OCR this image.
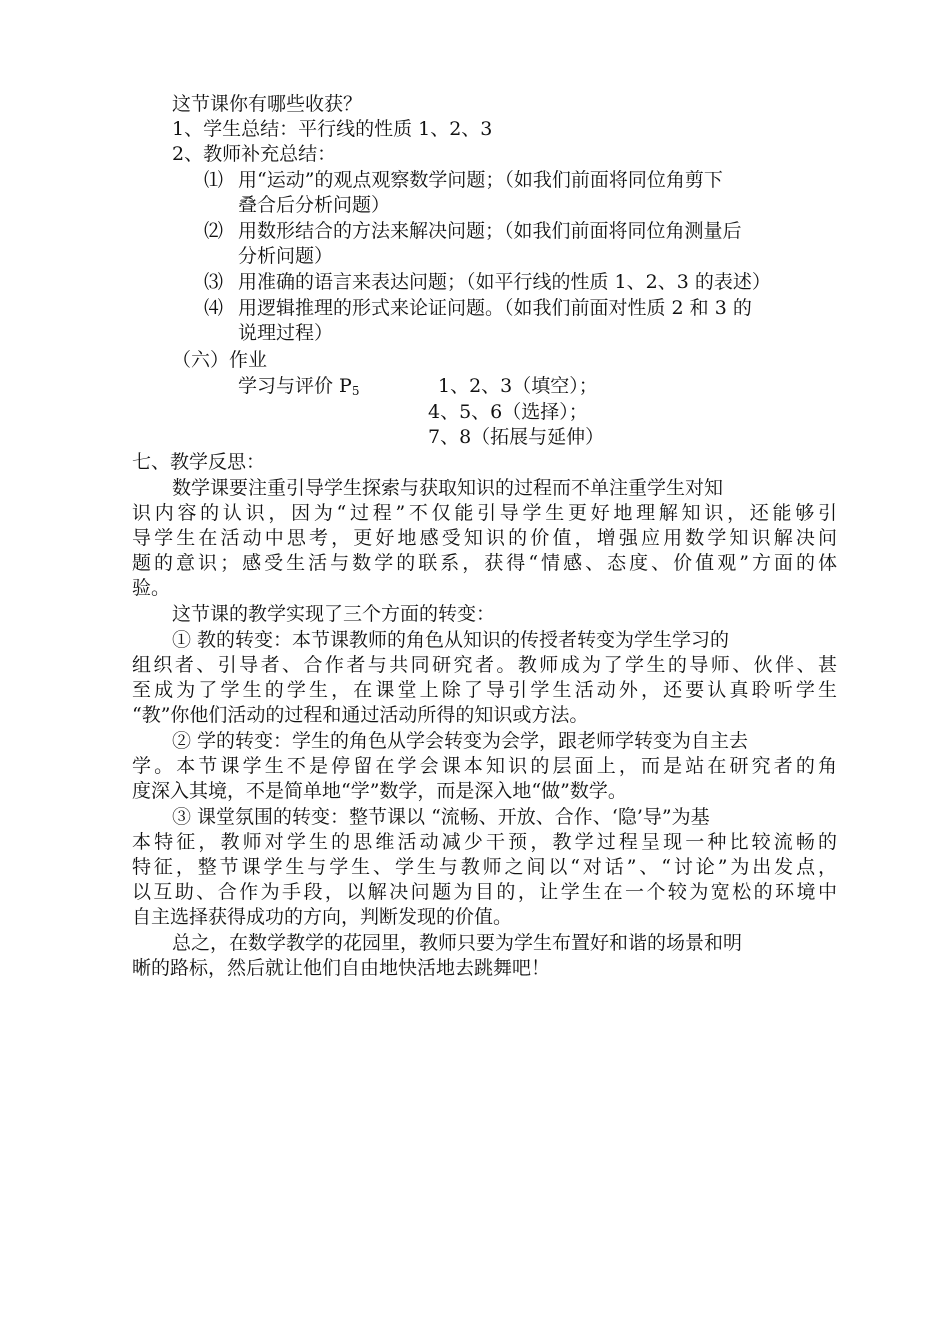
这节课你有哪些收获？
1、学生总结：平行线的性质 1、2、3
2、教师补充总结：
⑴ 用“运动”的观点观察数学问题；（如我们前面将同位角剪下
叠合后分析问题）
⑵ 用数形结合的方法来解决问题；（如我们前面将同位角测量后
分析问题）
⑶ 用准确的语言来表达问题；（如平行线的性质 1、2、3 的表述）
⑷ 用逻辑推理的形式来论证问题。（如我们前面对性质 2 和 3 的
说理过程）
（六）作业
学习与评价 $P_5$	1、2、3（填空）；
4、5、6（选择）；
7、8（拓展与延伸）
七、教学反思：
数学课要注重引导学生探索与获取知识的过程而不单注重学生对知
识内容的认识，因为“过程”不仅能引导学生更好地理解知识，还能够引
导学生在活动中思考，更好地感受知识的价值，增强应用数学知识解决问
题的意识；感受生活与数学的联系，获得“情感、态度、价值观”方面的体
验。
这节课的教学实现了三个方面的转变：
① 教的转变：本节课教师的角色从知识的传授者转变为学生学习的
组织者、引导者、合作者与共同研究者。教师成为了学生的导师、伙伴、甚
至成为了学生的学生，在课堂上除了导引学生活动外，还要认真聆听学生
“教”你他们活动的过程和通过活动所得的知识或方法。
② 学的转变：学生的角色从学会转变为会学，跟老师学转变为自主去
学。本节课学生不是停留在学会课本知识的层面上，而是站在研究者的角
度深入其境，不是简单地“学”数学，而是深入地“做”数学。
③ 课堂氛围的转变：整节课以 “流畅、开放、合作、‘隐’导”为基
本特征，教师对学生的思维活动减少干预，教学过程呈现一种比较流畅的
特征，整节课学生与学生、学生与教师之间以“对话”、“讨论”为出发点，
以互助、合作为手段，以解决问题为目的，让学生在一个较为宽松的环境中
自主选择获得成功的方向，判断发现的价值。
总之，在数学教学的花园里，教师只要为学生布置好和谐的场景和明
晰的路标，然后就让他们自由地快活地去跳舞吧！
